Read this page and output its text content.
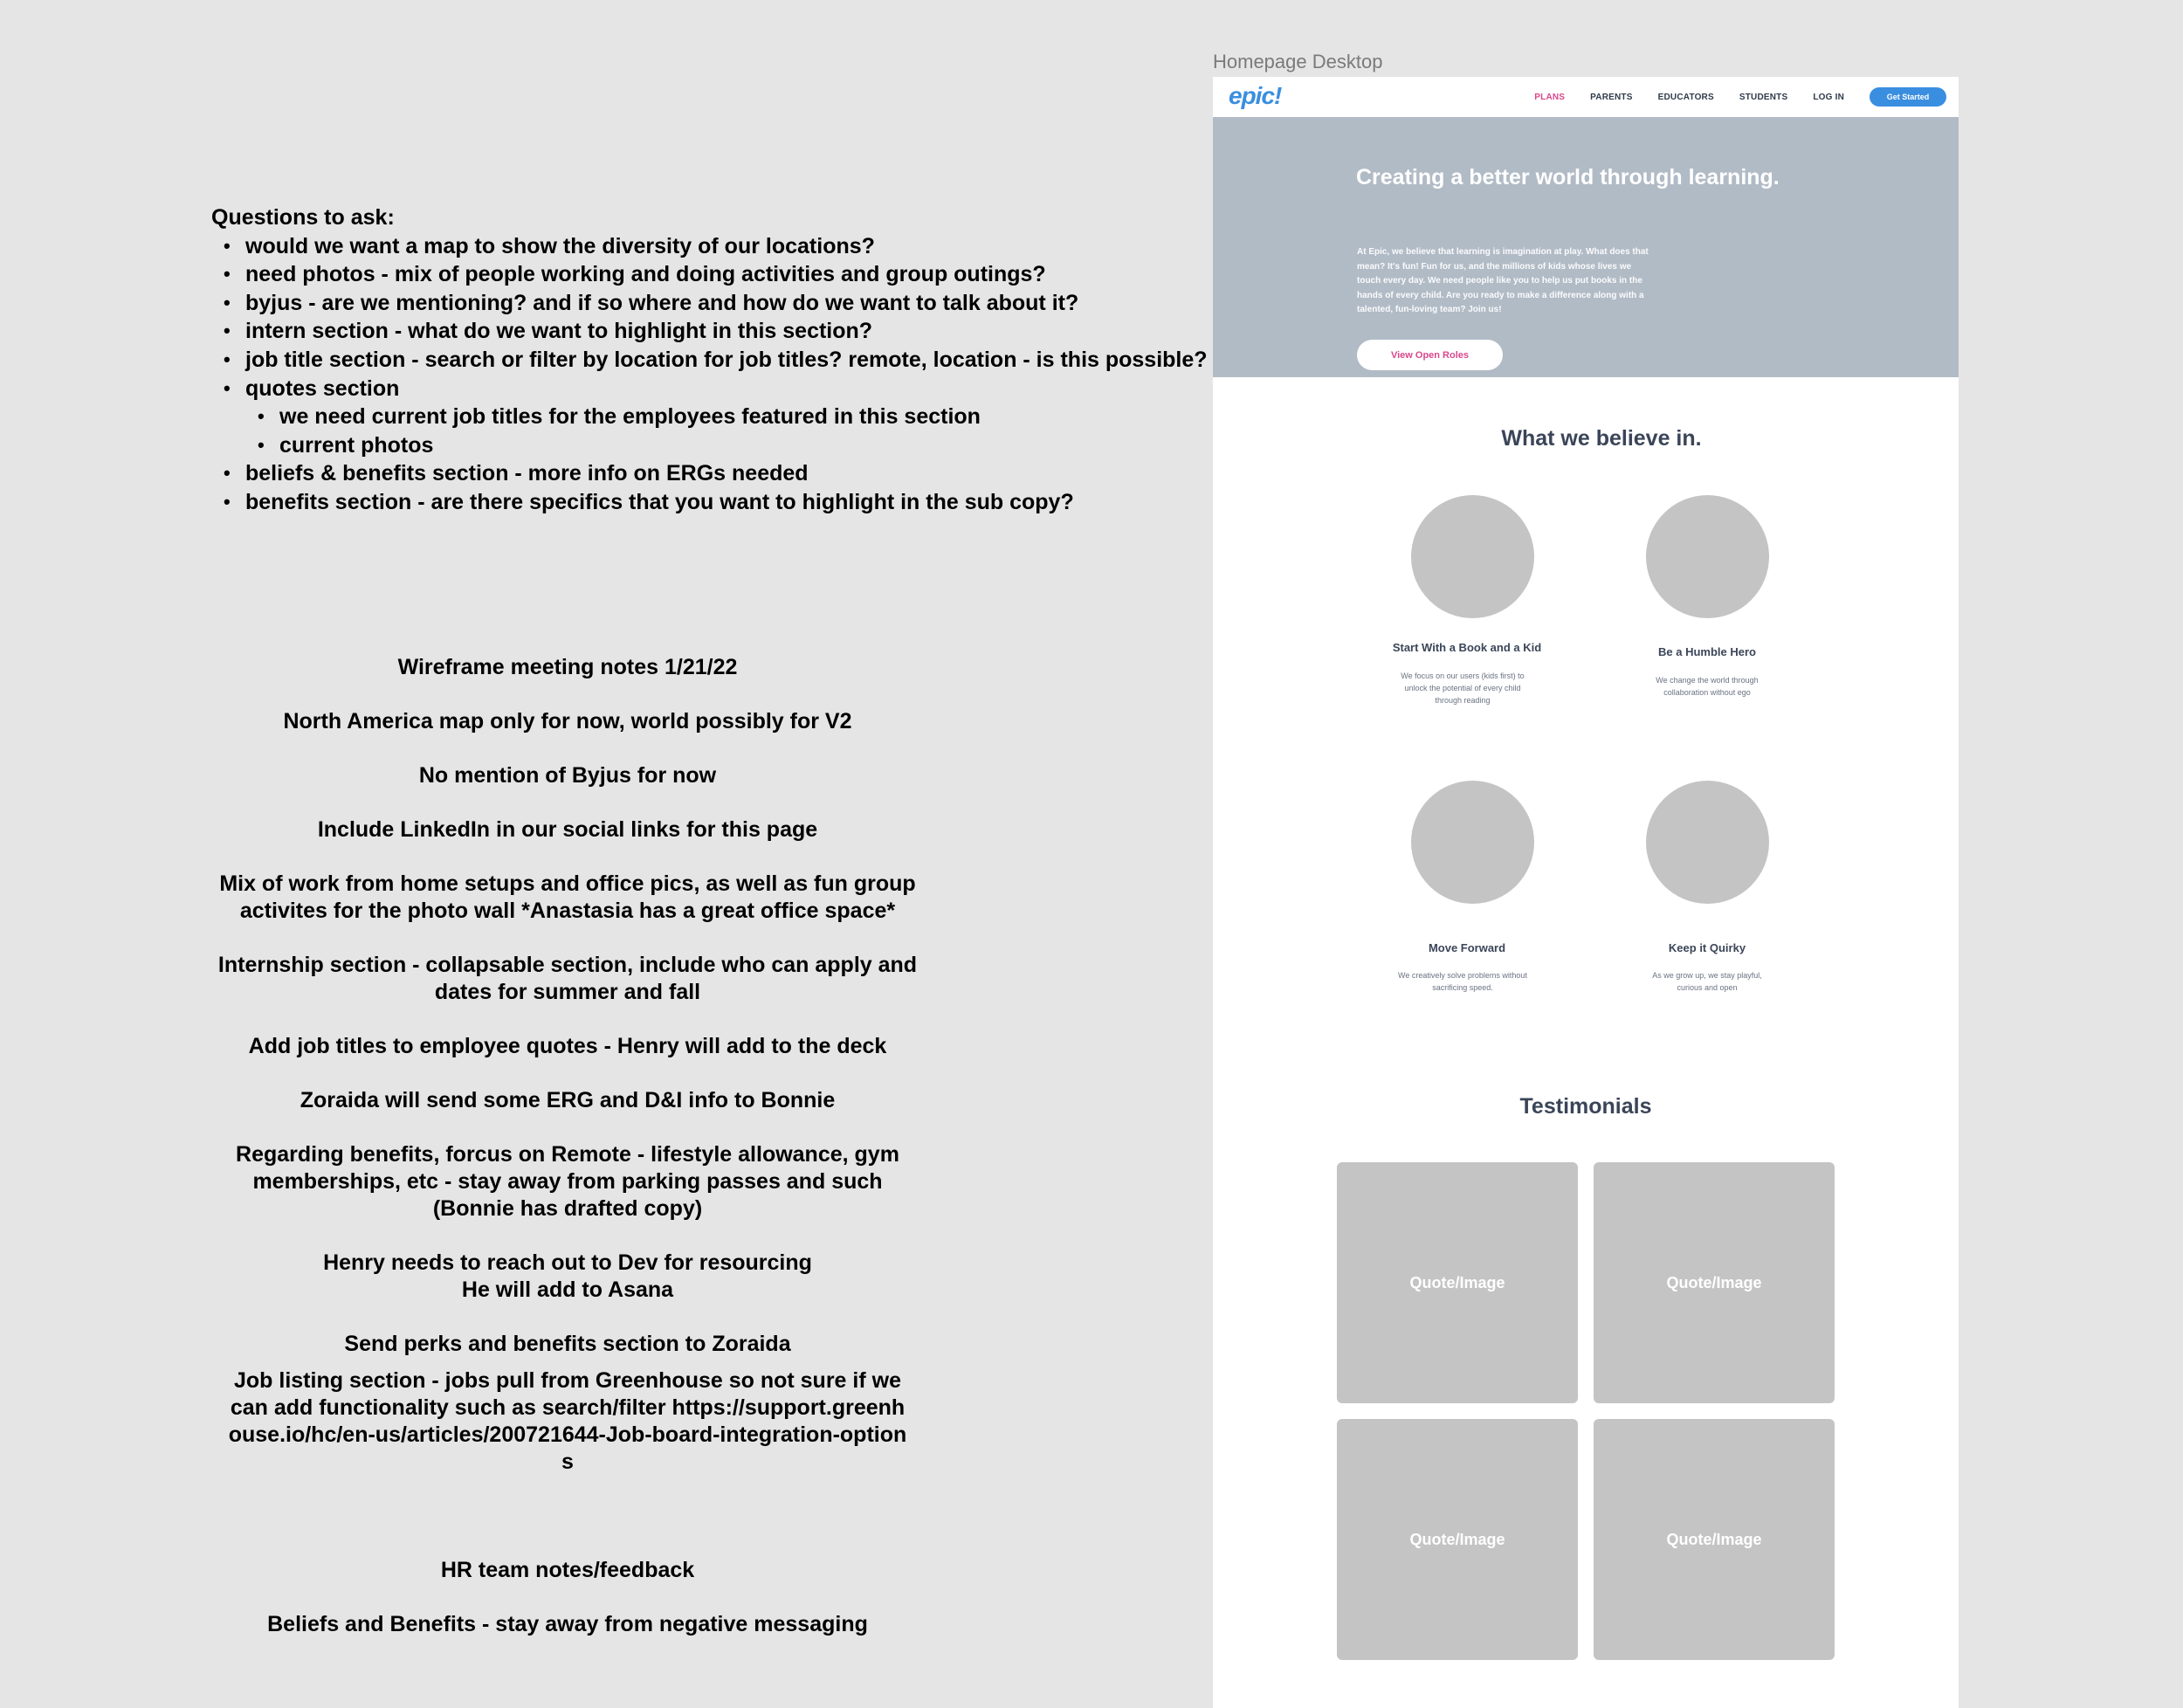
Questions to ask:
• would we want a map to show the diversity of our locations?
• need photos - mix of people working and doing activities and group outings?
• byjus - are we mentioning? and if so where and how do we want to talk about it?
• intern section - what do we want to highlight in this section?
• job title section - search or filter by location for job titles? remote, location - is this possible?
• quotes section
• we need current job titles for the employees featured in this section
• current photos
• beliefs & benefits section - more info on ERGs needed
• benefits section - are there specifics that you want to highlight in the sub copy?

Wireframe meeting notes 1/21/22

North America map only for now, world possibly for V2

No mention of Byjus for now

Include LinkedIn in our social links for this page

Mix of work from home setups and office pics, as well as fun group activites for the photo wall *Anastasia has a great office space*

Internship section - collapsable section, include who can apply and dates for summer and fall

Add job titles to employee quotes - Henry will add to the deck

Zoraida will send some ERG and D&I info to Bonnie

Regarding benefits, forcus on Remote - lifestyle allowance, gym memberships, etc - stay away from parking passes and such (Bonnie has drafted copy)

Henry needs to reach out to Dev for resourcing

He will add to Asana

Send perks and benefits section to Zoraida

Job listing section - jobs pull from Greenhouse so not sure if we can add functionality such as search/filter https://support.greenhouse.io/hc/en-us/articles/200721644-Job-board-integration-options

HR team notes/feedback

Beliefs and Benefits - stay away from negative messaging

Homepage Desktop
epic!	PLANS	PARENTS	EDUCATORS	STUDENTS	LOG IN	Get Started
Creating a better world through learning.
At Epic, we believe that learning is imagination at play. What does that mean? It's fun! Fun for us, and the millions of kids whose lives we touch every day. We need people like you to help us put books in the hands of every child. Are you ready to make a difference along with a talented, fun-loving team? Join us!
View Open Roles
What we believe in.
Start With a Book and a Kid
We focus on our users (kids first) to unlock the potential of every child through reading
Be a Humble Hero
We change the world through collaboration without ego
Move Forward
We creatively solve problems without sacrificing speed.
Keep it Quirky
As we grow up, we stay playful, curious and open
Testimonials
Quote/Image	Quote/Image
Quote/Image	Quote/Image
